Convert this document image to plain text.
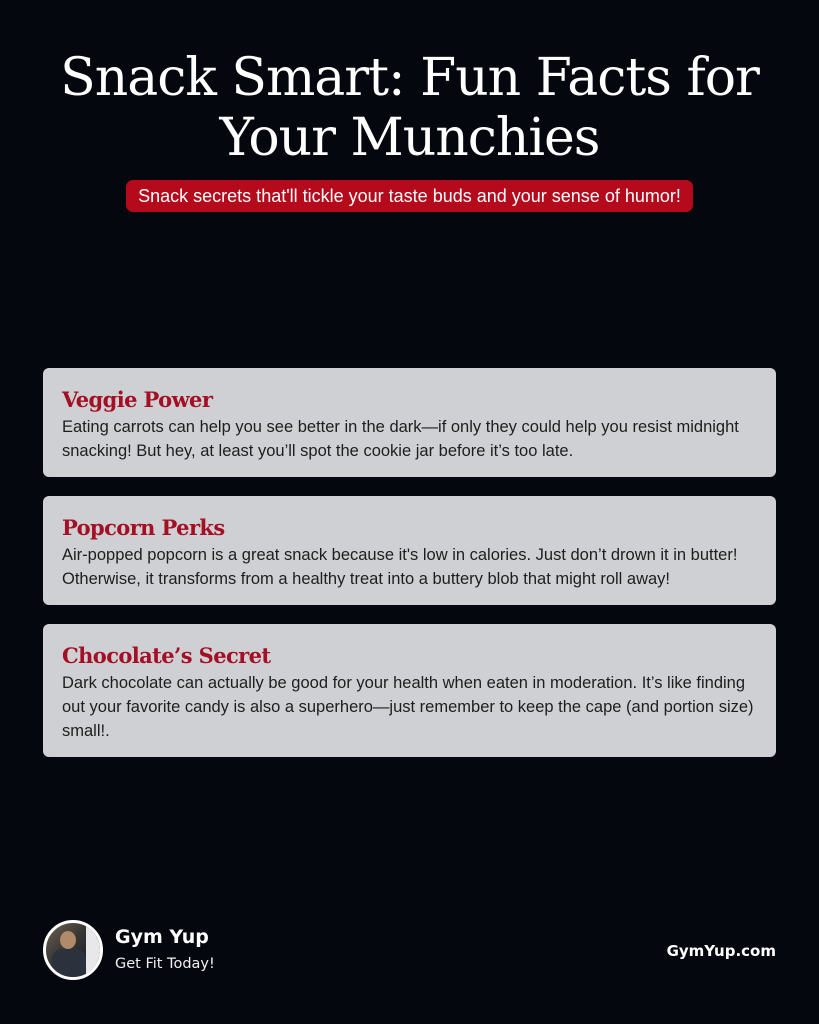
Snack Smart: Fun Facts for Your Munchies
Snack secrets that'll tickle your taste buds and your sense of humor!
Veggie Power

Eating carrots can help you see better in the dark—if only they could help you resist midnight snacking! But hey, at least you’ll spot the cookie jar before it’s too late.

Popcorn Perks

Air-popped popcorn is a great snack because it's low in calories. Just don’t drown it in butter! Otherwise, it transforms from a healthy treat into a buttery blob that might roll away!

Chocolate’s Secret

Dark chocolate can actually be good for your health when eaten in moderation. It’s like finding out your favorite candy is also a superhero—just remember to keep the cape (and portion size) small!.

Gym Yup
Get Fit Today!
GymYup.com
